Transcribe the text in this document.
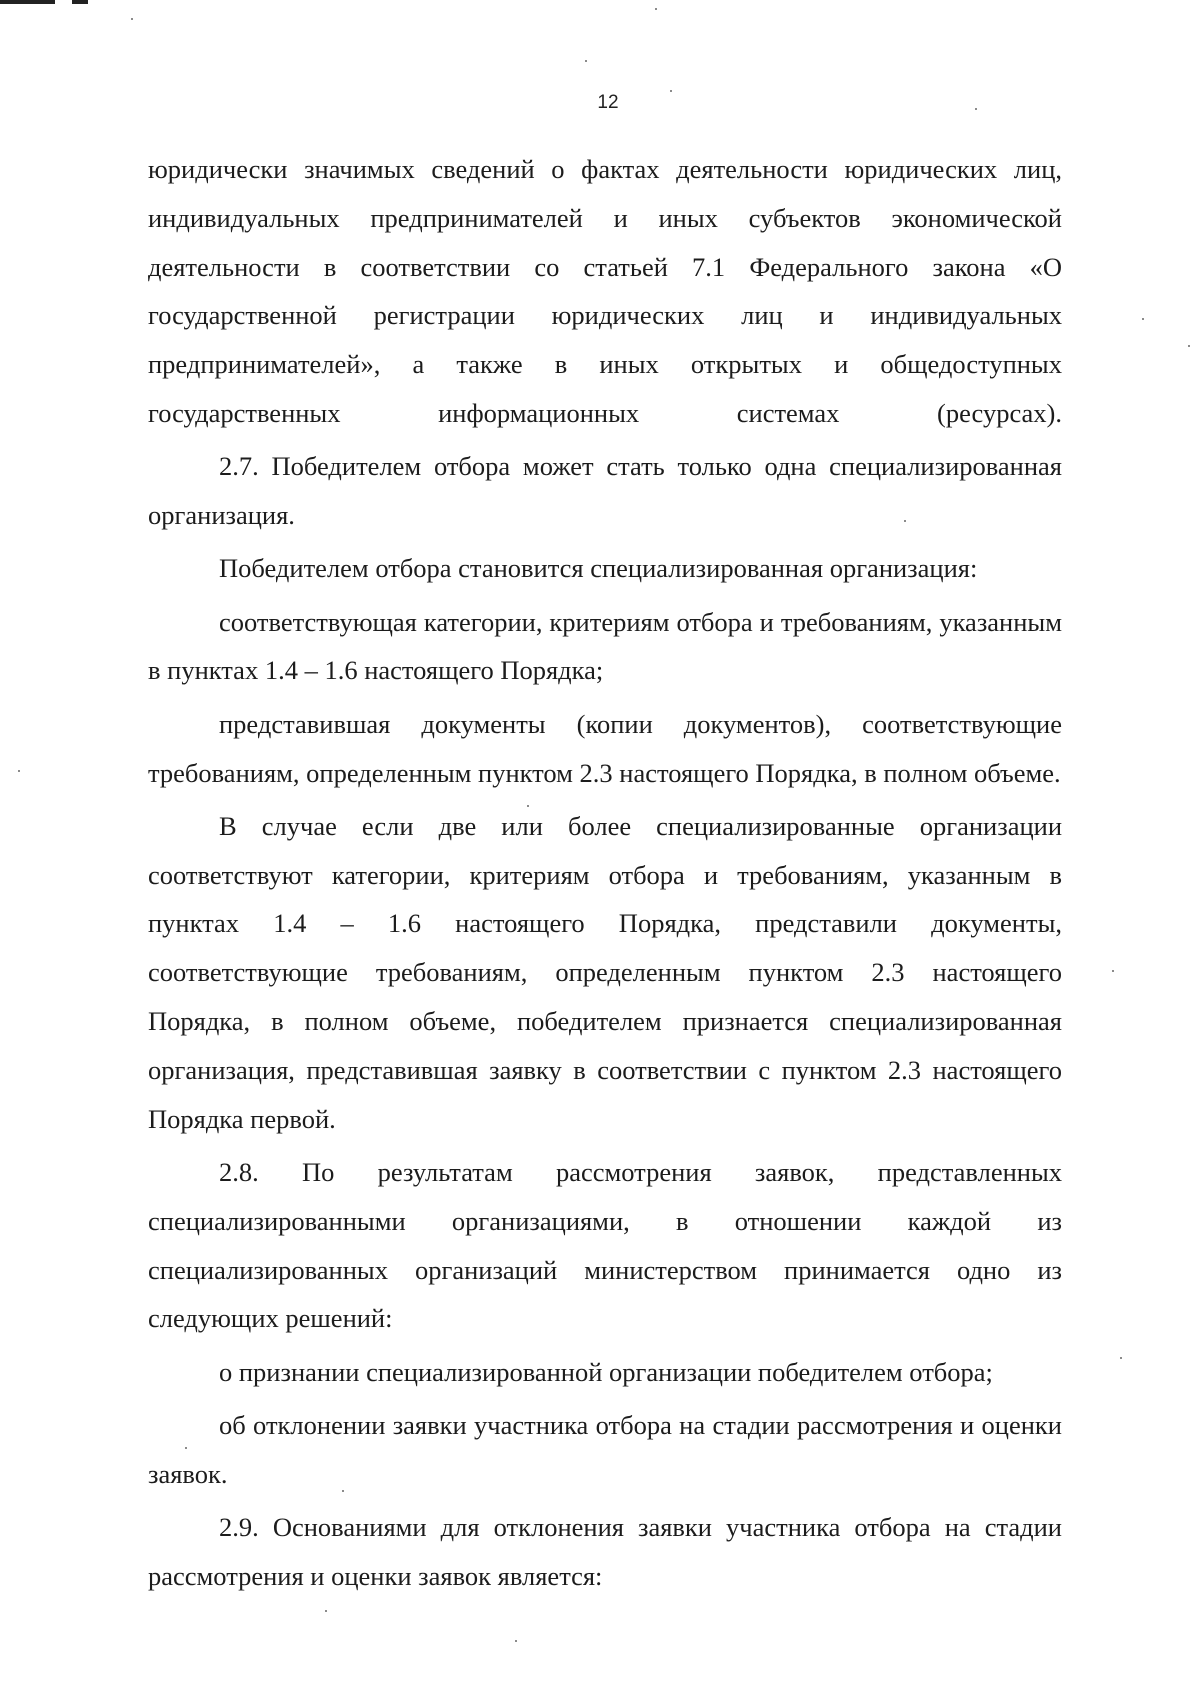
12

юридически значимых сведений о фактах деятельности юридических лиц, индивидуальных предпринимателей и иных субъектов экономической деятельности в соответствии со статьей 7.1 Федерального закона «О государственной регистрации юридических лиц и индивидуальных предпринимателей», а также в иных открытых и общедоступных государственных информационных системах (ресурсах).

2.7. Победителем отбора может стать только одна специализированная организация.

Победителем отбора становится специализированная организация:

соответствующая категории, критериям отбора и требованиям, указанным в пунктах 1.4 – 1.6 настоящего Порядка;

представившая документы (копии документов), соответствующие требованиям, определенным пунктом 2.3 настоящего Порядка, в полном объеме.

В случае если две или более специализированные организации соответствуют категории, критериям отбора и требованиям, указанным в пунктах 1.4 – 1.6 настоящего Порядка, представили документы, соответствующие требованиям, определенным пунктом 2.3 настоящего Порядка, в полном объеме, победителем признается специализированная организация, представившая заявку в соответствии с пунктом 2.3 настоящего Порядка первой.

2.8. По результатам рассмотрения заявок, представленных специализированными организациями, в отношении каждой из специализированных организаций министерством принимается одно из следующих решений:

о признании специализированной организации победителем отбора;

об отклонении заявки участника отбора на стадии рассмотрения и оценки заявок.

2.9. Основаниями для отклонения заявки участника отбора на стадии рассмотрения и оценки заявок является:
